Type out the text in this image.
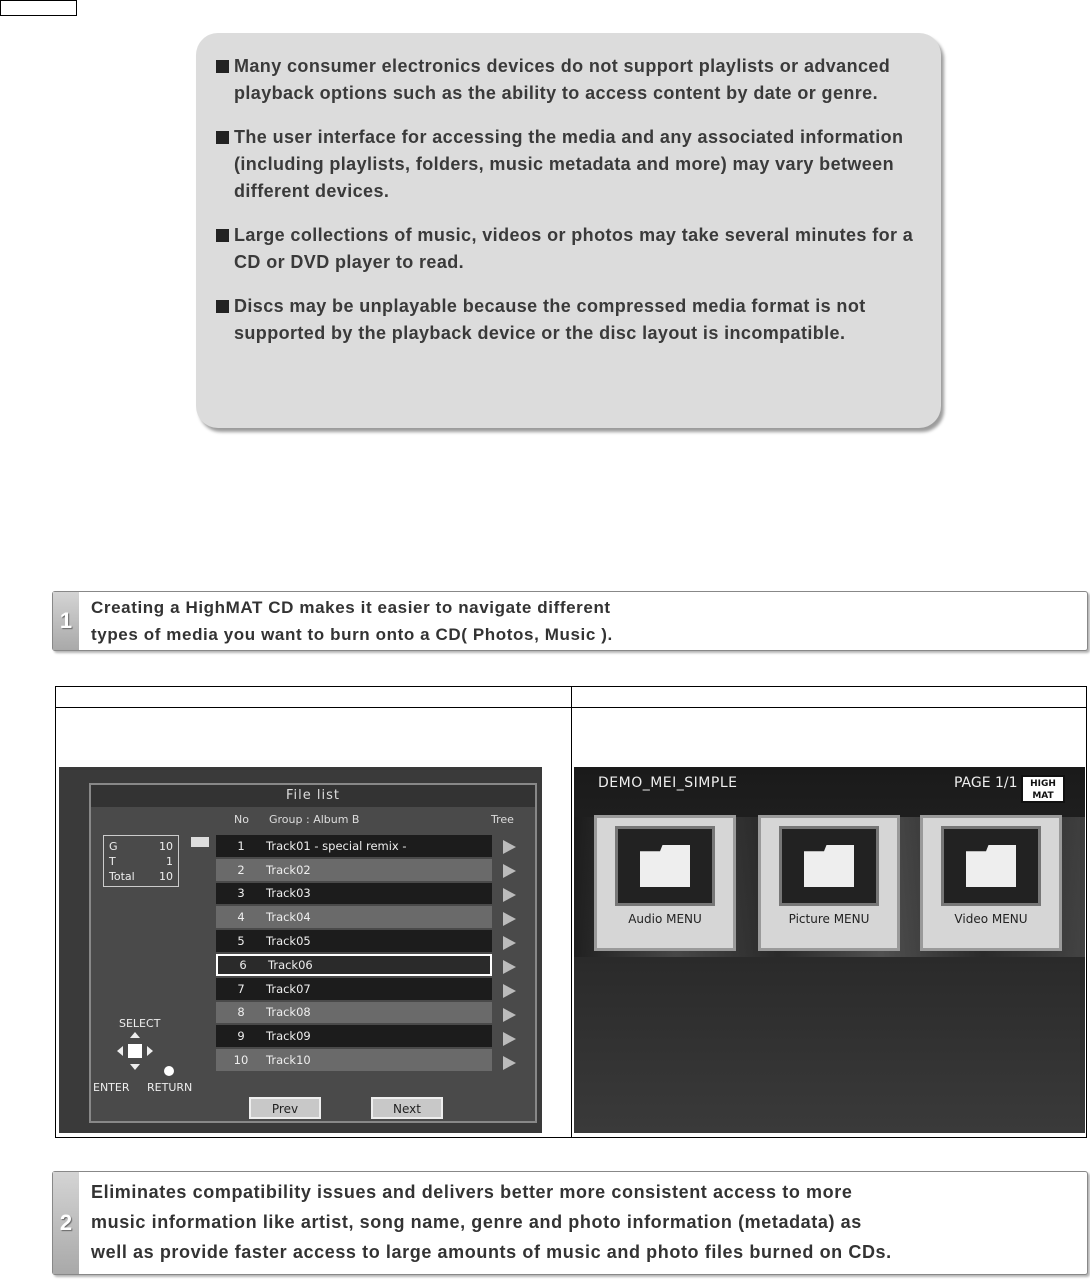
Many consumer electronics devices do not support playlists or advanced playback options such as the ability to access content by date or genre.
The user interface for accessing the media and any associated information (including playlists, folders, music metadata and more) may vary between different devices.
Large collections of music, videos or photos may take several minutes for a CD or DVD player to read.
Discs may be unplayable because the compressed media format is not supported by the playback device or the disc layout is incompatible.
1
Creating a HighMAT CD makes it easier to navigate different
types of media you want to burn onto a CD( Photos, Music ).
File list
No Group : Album B	Tree
G	10
T	1
Total 10
1	Track01 - special remix -
2	Track02
3	Track03
4	Track04
5	Track05
6	Track06
7	Track07
8	Track08
9	Track09
10	Track10
SELECT
ENTER RETURN
Prev	Next
DEMO_MEI_SIMPLE	PAGE 1/1	HIGH
MAT
Audio MENU	Picture MENU	Video MENU
2
Eliminates compatibility issues and delivers better more consistent access to more
music information like artist, song name, genre and photo information (metadata) as
well as provide faster access to large amounts of music and photo files burned on CDs.
